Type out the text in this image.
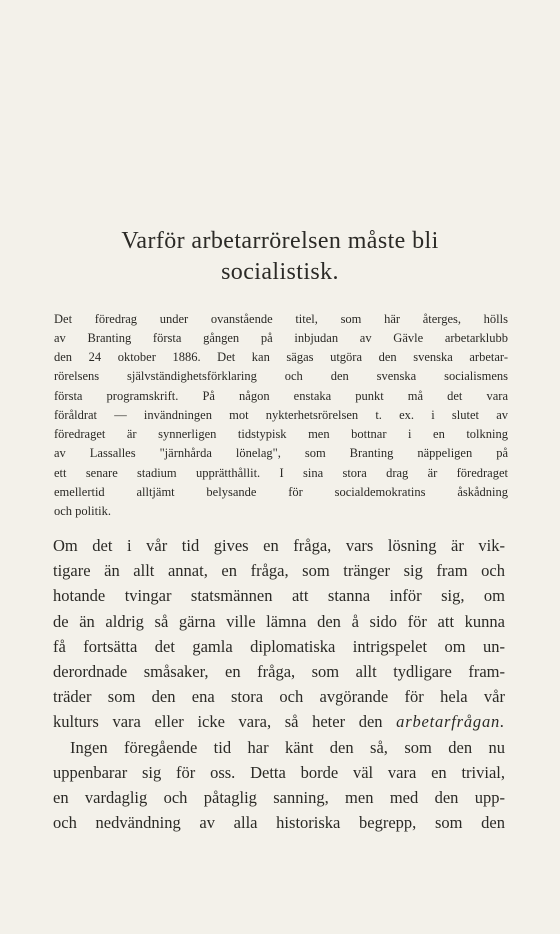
Varför arbetarrörelsen måste bli
socialistisk.
Det föredrag under ovanstående titel, som här återges, hölls
av Branting första gången på inbjudan av Gävle arbetarklubb
den 24 oktober 1886. Det kan sägas utgöra den svenska arbetar-
rörelsens självständighetsförklaring och den svenska socialismens
första programskrift. På någon enstaka punkt må det vara
föråldrat — invändningen mot nykterhetsrörelsen t. ex. i slutet av
föredraget är synnerligen tidstypisk men bottnar i en tolkning
av Lassalles "järnhårda lönelag", som Branting näppeligen på
ett senare stadium upprätthållit. I sina stora drag är föredraget
emellertid alltjämt belysande för socialdemokratins åskådning
och politik.
Om det i vår tid gives en fråga, vars lösning är vik-
tigare än allt annat, en fråga, som tränger sig fram och
hotande tvingar statsmännen att stanna inför sig, om
de än aldrig så gärna ville lämna den å sido för att kunna
få fortsätta det gamla diplomatiska intrigspelet om un-
derordnade småsaker, en fråga, som allt tydligare fram-
träder som den ena stora och avgörande för hela vår
kulturs vara eller icke vara, så heter den arbetarfrågan.
Ingen föregående tid har känt den så, som den nu
uppenbarar sig för oss. Detta borde väl vara en trivial,
en vardaglig och påtaglig sanning, men med den upp-
och nedvändning av alla historiska begrepp, som den
